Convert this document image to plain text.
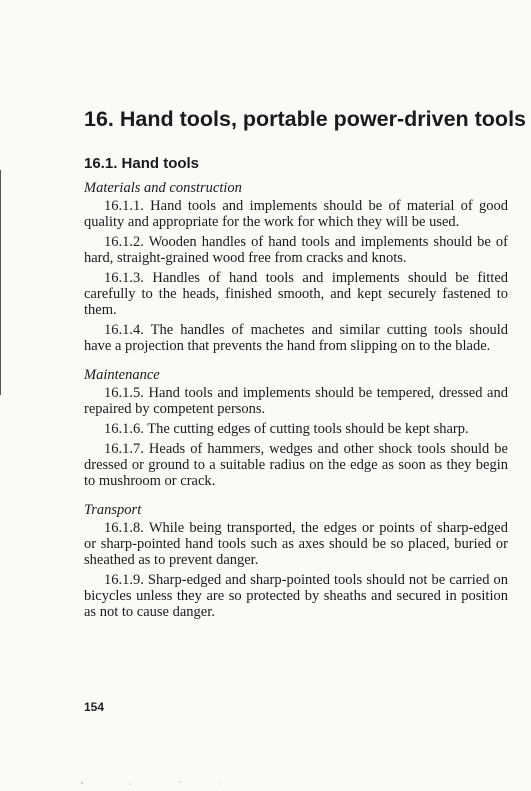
16. Hand tools, portable power-driven tools
16.1. Hand tools
Materials and construction

16.1.1. Hand tools and implements should be of material of good quality and appropriate for the work for which they will be used.

16.1.2. Wooden handles of hand tools and implements should be of hard, straight-grained wood free from cracks and knots.

16.1.3. Handles of hand tools and implements should be fitted carefully to the heads, finished smooth, and kept securely fastened to them.

16.1.4. The handles of machetes and similar cutting tools should have a projection that prevents the hand from slipping on to the blade.

Maintenance

16.1.5. Hand tools and implements should be tempered, dressed and repaired by competent persons.

16.1.6. The cutting edges of cutting tools should be kept sharp.

16.1.7. Heads of hammers, wedges and other shock tools should be dressed or ground to a suitable radius on the edge as soon as they begin to mushroom or crack.

Transport

16.1.8. While being transported, the edges or points of sharp-edged or sharp-pointed hand tools such as axes should be so placed, buried or sheathed as to prevent danger.

16.1.9. Sharp-edged and sharp-pointed tools should not be carried on bicycles unless they are so protected by sheaths and secured in position as not to cause danger.

154
